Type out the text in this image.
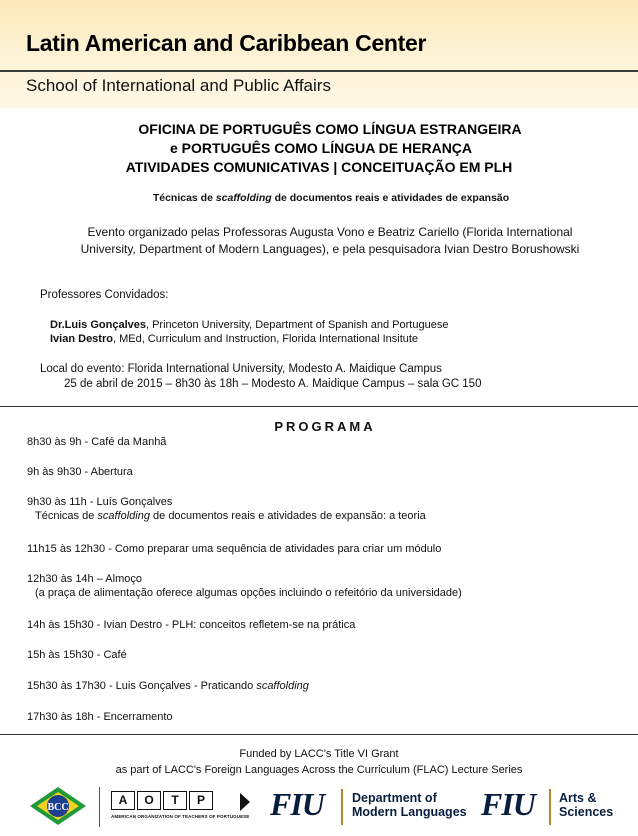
Latin American and Caribbean Center
School of International and Public Affairs
OFICINA DE PORTUGUÊS COMO LÍNGUA ESTRANGEIRA
e PORTUGUÊS COMO LÍNGUA DE HERANÇA
ATIVIDADES COMUNICATIVAS | CONCEITUAÇÃO EM PLH
Técnicas de scaffolding de documentos reais e atividades de expansão
Evento organizado pelas Professoras Augusta Vono e Beatriz Cariello (Florida International University, Department of Modern Languages), e pela pesquisadora Ivian Destro Borushowski
Professores Convidados:
Dr.Luis Gonçalves, Princeton University, Department of Spanish and Portuguese
Ivian Destro, MEd, Curriculum and Instruction, Florida International Insitute
Local do evento: Florida International University, Modesto A. Maidique Campus
25 de abril de 2015 – 8h30 às 18h – Modesto A. Maidique Campus – sala GC 150
PROGRAMA
8h30 às 9h - Café da Manhã
9h às 9h30 - Abertura
9h30 às 11h - Luís Gonçalves
Técnicas de scaffolding de documentos reais e atividades de expansão: a teoria
11h15 às 12h30 - Como preparar uma sequência de atividades para criar um módulo
12h30 às 14h – Almoço
(a praça de alimentação oferece algumas opções incluindo o refeitório da universidade)
14h às 15h30 - Ivian Destro - PLH: conceitos refletem-se na prática
15h às 15h30 - Café
15h30 às 17h30 - Luis Gonçalves - Praticando scaffolding
17h30 às 18h - Encerramento
Funded by LACC's Title VI Grant
as part of LACC's Foreign Languages Across the Curriculum (FLAC) Lecture Series
BCC
A O T P
AMERICAN ORGANIZATION OF TEACHERS OF PORTUGUESE FIU Department of
Modern Languages FIU Arts &
Sciences
